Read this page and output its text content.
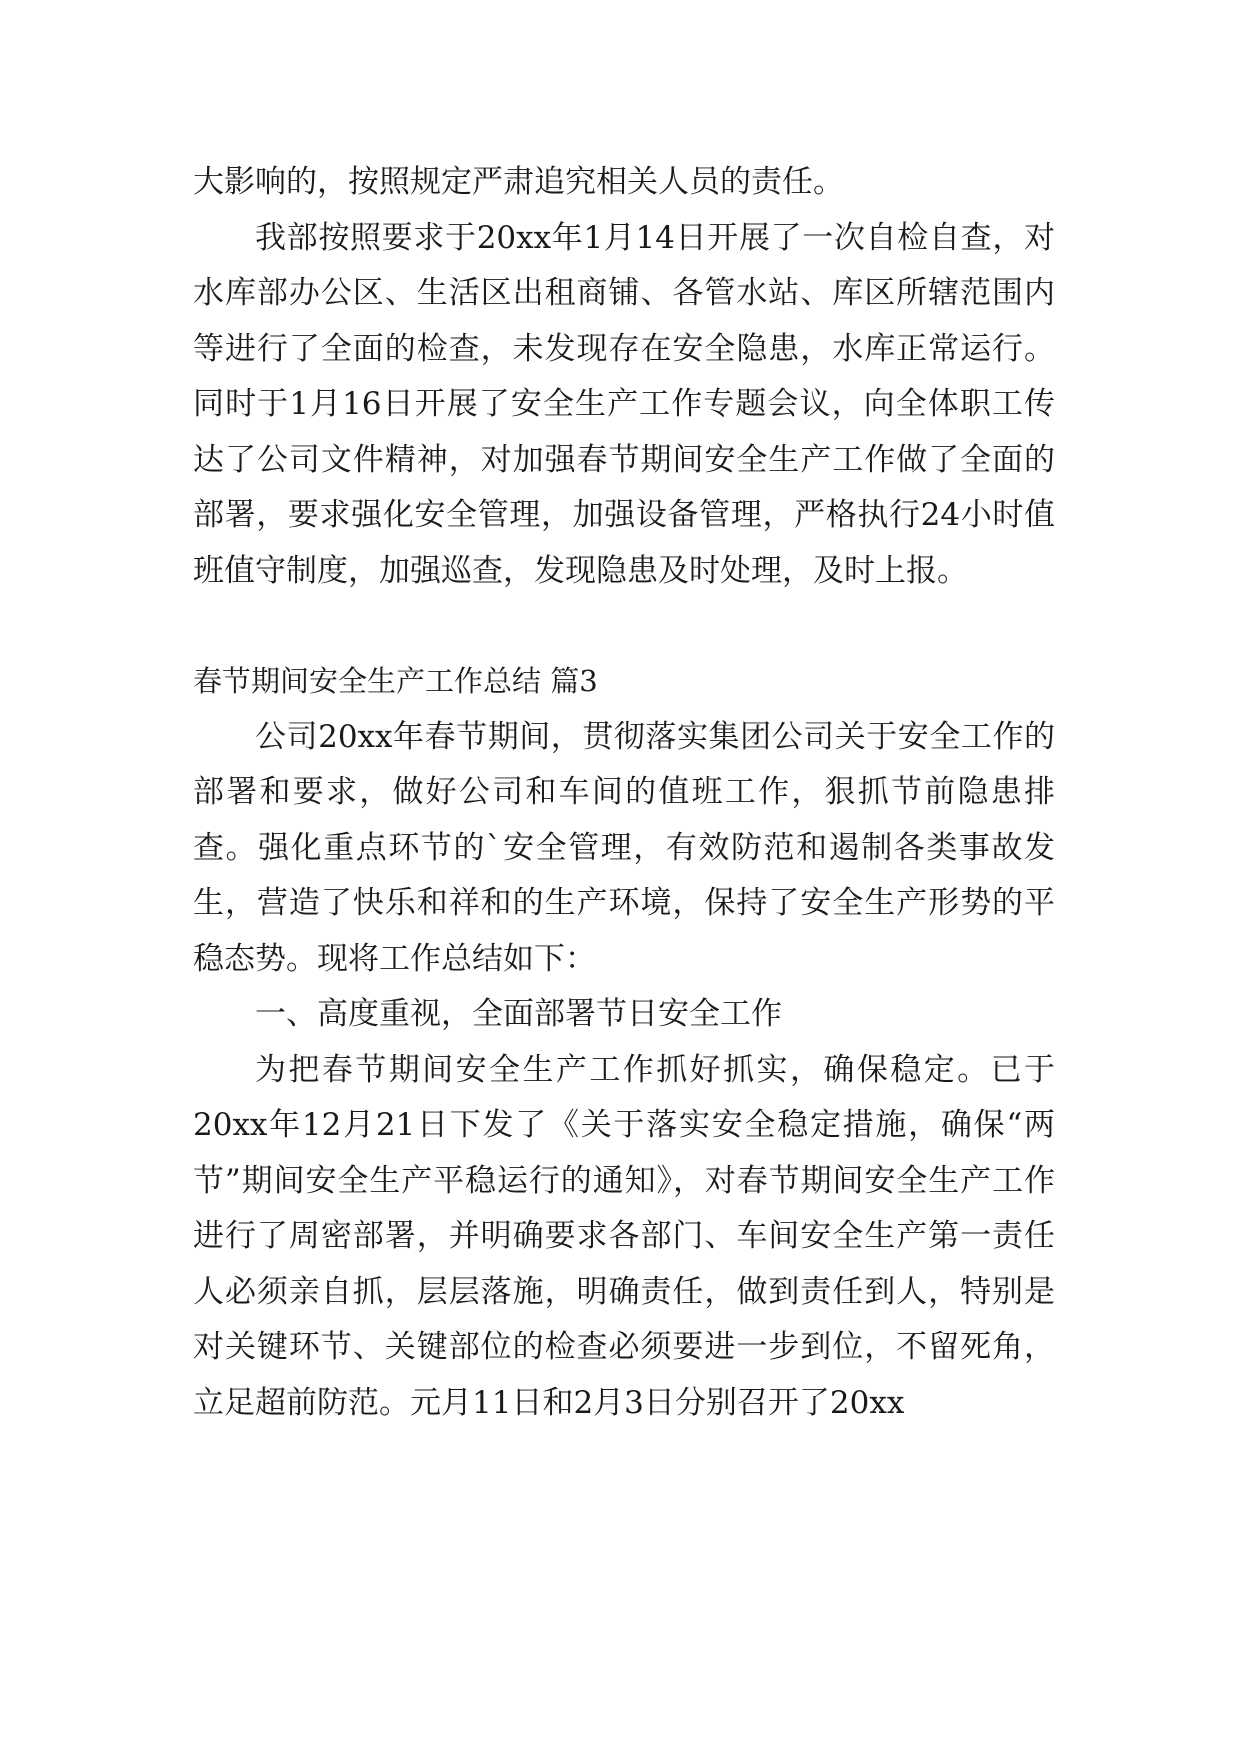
大影响的，按照规定严肃追究相关人员的责任。

我部按照要求于20xx年1月14日开展了一次自检自查，对水库部办公区、生活区出租商铺、各管水站、库区所辖范围内等进行了全面的检查，未发现存在安全隐患，水库正常运行。同时于1月16日开展了安全生产工作专题会议，向全体职工传达了公司文件精神，对加强春节期间安全生产工作做了全面的部署，要求强化安全管理，加强设备管理，严格执行24小时值班值守制度，加强巡查，发现隐患及时处理，及时上报。

春节期间安全生产工作总结 篇3

公司20xx年春节期间，贯彻落实集团公司关于安全工作的部署和要求，做好公司和车间的值班工作，狠抓节前隐患排查。强化重点环节的`安全管理，有效防范和遏制各类事故发生，营造了快乐和祥和的生产环境，保持了安全生产形势的平稳态势。现将工作总结如下：

一、高度重视，全面部署节日安全工作

为把春节期间安全生产工作抓好抓实，确保稳定。已于20xx年12月21日下发了《关于落实安全稳定措施，确保“两节”期间安全生产平稳运行的通知》，对春节期间安全生产工作进行了周密部署，并明确要求各部门、车间安全生产第一责任人必须亲自抓，层层落施，明确责任，做到责任到人，特别是对关键环节、关键部位的检查必须要进一步到位，不留死角，立足超前防范。元月11日和2月3日分别召开了20xx
